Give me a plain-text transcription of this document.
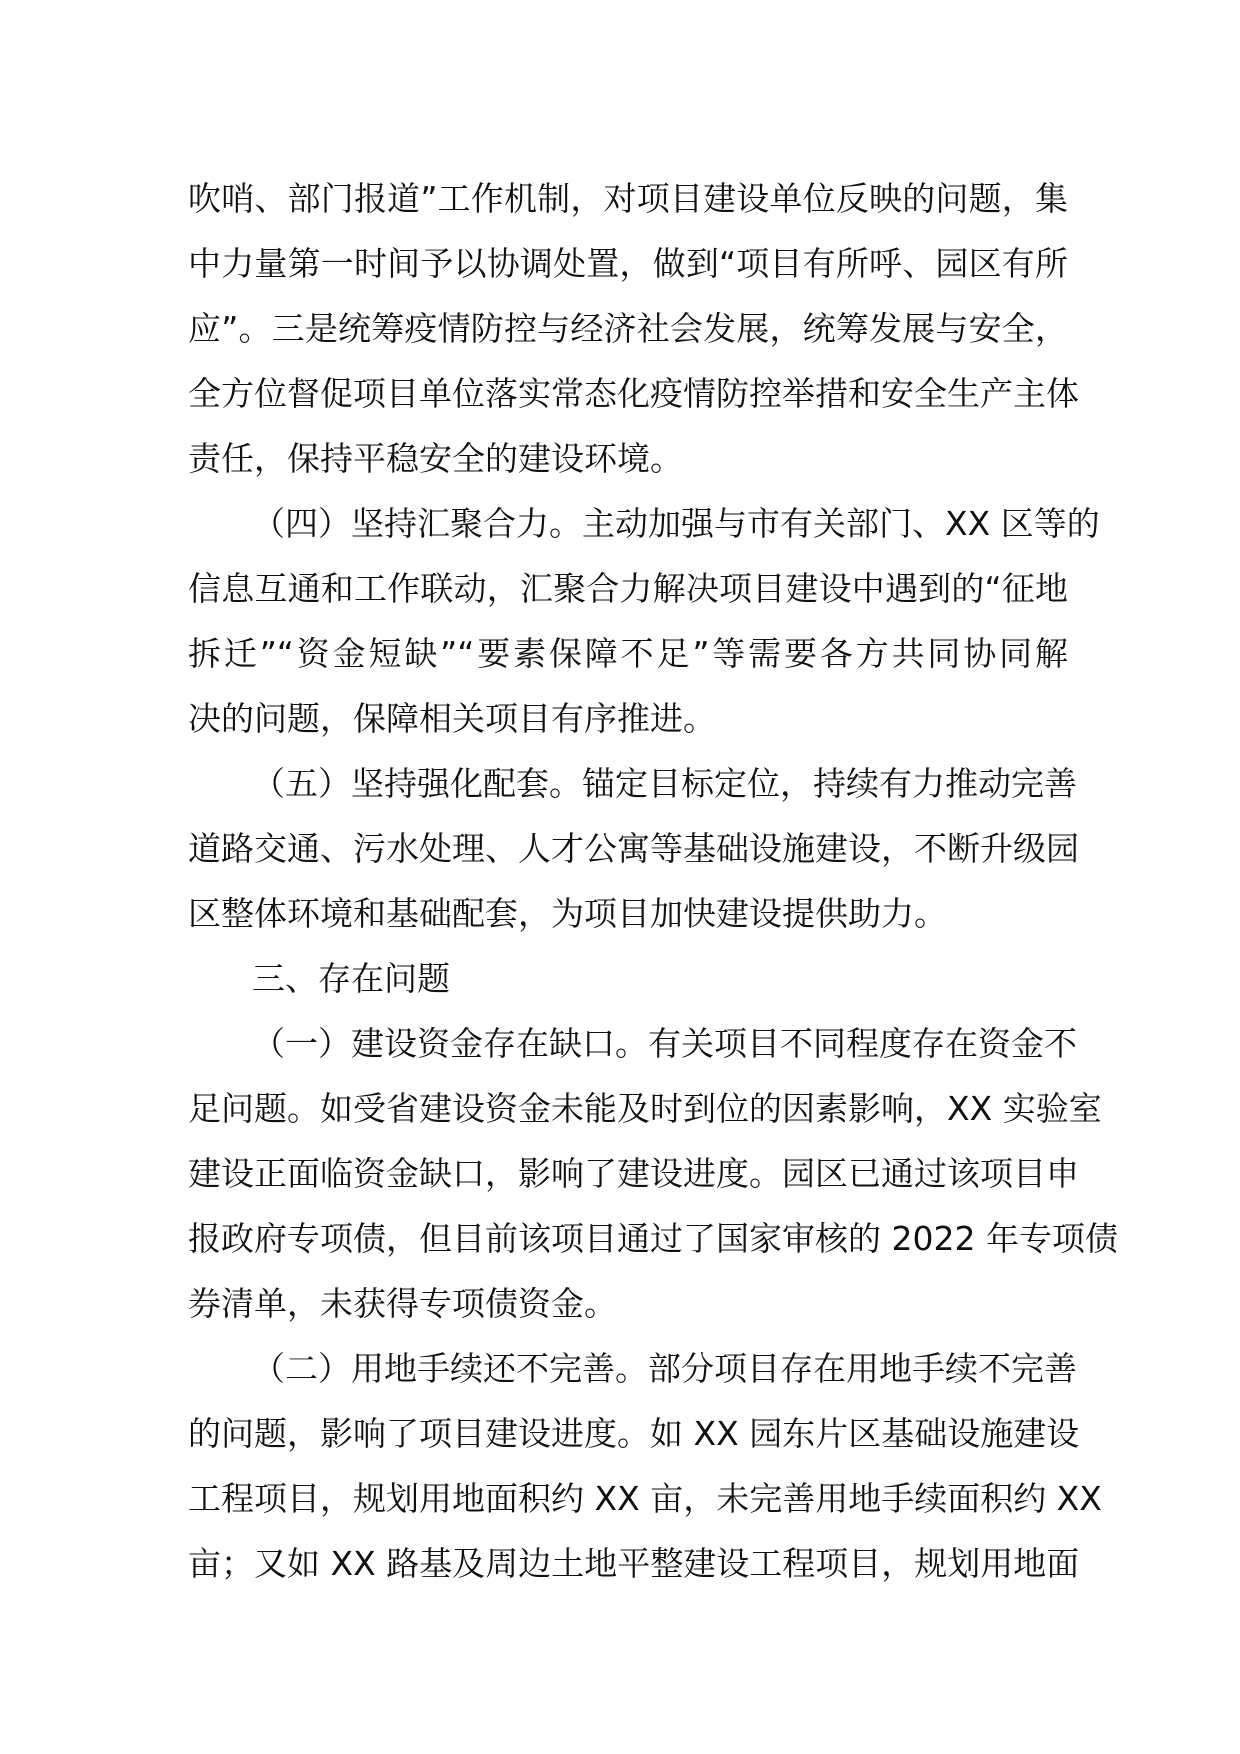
吹哨、部门报道”工作机制，对项目建设单位反映的问题，集
中力量第一时间予以协调处置，做到“项目有所呼、园区有所
应”。三是统筹疫情防控与经济社会发展，统筹发展与安全，
全方位督促项目单位落实常态化疫情防控举措和安全生产主体
责任，保持平稳安全的建设环境。
（四）坚持汇聚合力。主动加强与市有关部门、XX 区等的
信息互通和工作联动，汇聚合力解决项目建设中遇到的“征地
拆迁”“资金短缺”“要素保障不足”等需要各方共同协同解
决的问题，保障相关项目有序推进。
（五）坚持强化配套。锚定目标定位，持续有力推动完善
道路交通、污水处理、人才公寓等基础设施建设，不断升级园
区整体环境和基础配套，为项目加快建设提供助力。
三、存在问题
（一）建设资金存在缺口。有关项目不同程度存在资金不
足问题。如受省建设资金未能及时到位的因素影响，XX 实验室
建设正面临资金缺口，影响了建设进度。园区已通过该项目申
报政府专项债，但目前该项目通过了国家审核的 2022 年专项债
券清单，未获得专项债资金。
（二）用地手续还不完善。部分项目存在用地手续不完善
的问题，影响了项目建设进度。如 XX 园东片区基础设施建设
工程项目，规划用地面积约 XX 亩，未完善用地手续面积约 XX
亩；又如 XX 路基及周边土地平整建设工程项目，规划用地面
